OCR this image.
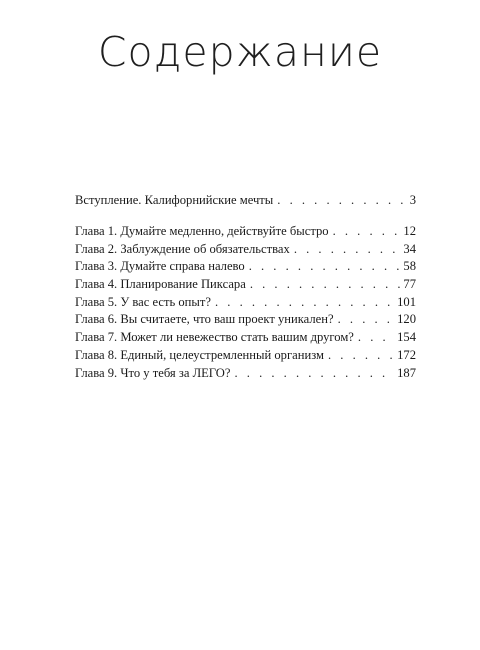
Содержание
Вступление. Калифорнийские мечты . . .	3
Глава 1. Думайте медленно, действуйте быстро . . .	12
Глава 2. Заблуждение об обязательствах . . .	34
Глава 3. Думайте справа налево . . .	58
Глава 4. Планирование Пиксара . . .	77
Глава 5. У вас есть опыт? . . .	101
Глава 6. Вы считаете, что ваш проект уникален? . . .	120
Глава 7. Может ли невежество стать вашим другом? . . .	154
Глава 8. Единый, целеустремленный организм . . .	172
Глава 9. Что у тебя за ЛЕГО? . . .	187
